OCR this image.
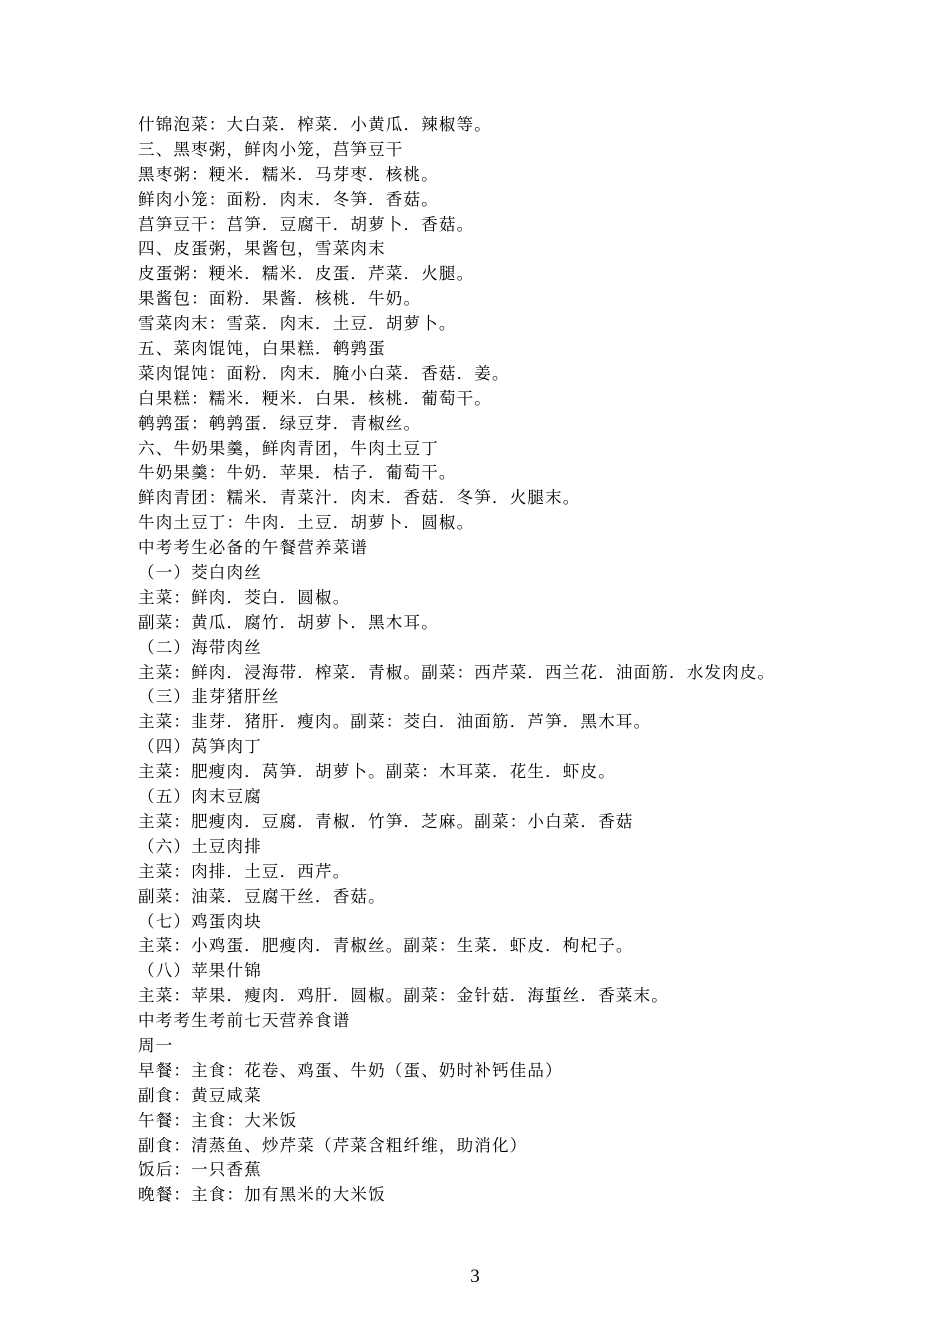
什锦泡菜：大白菜．榨菜．小黄瓜．辣椒等。
三、黑枣粥，鲜肉小笼，莒笋豆干
黑枣粥：粳米．糯米．马芽枣．核桃。
鲜肉小笼：面粉．肉末．冬笋．香菇。
莒笋豆干：莒笋．豆腐干．胡萝卜．香菇。
四、皮蛋粥，果酱包，雪菜肉末
皮蛋粥：粳米．糯米．皮蛋．芹菜．火腿。
果酱包：面粉．果酱．核桃．牛奶。
雪菜肉末：雪菜．肉末．土豆．胡萝卜。
五、菜肉馄饨，白果糕．鹌鹑蛋
菜肉馄饨：面粉．肉末．腌小白菜．香菇．姜。
白果糕：糯米．粳米．白果．核桃．葡萄干。
鹌鹑蛋：鹌鹑蛋．绿豆芽．青椒丝。
六、牛奶果羹，鲜肉青团，牛肉土豆丁
牛奶果羹：牛奶．苹果．桔子．葡萄干。
鲜肉青团：糯米．青菜汁．肉末．香菇．冬笋．火腿末。
牛肉土豆丁：牛肉．土豆．胡萝卜．圆椒。
中考考生必备的午餐营养菜谱
（一）茭白肉丝
主菜：鲜肉．茭白．圆椒。
副菜：黄瓜．腐竹．胡萝卜．黑木耳。
（二）海带肉丝
主菜：鲜肉．浸海带．榨菜．青椒。副菜：西芹菜．西兰花．油面筋．水发肉皮。
（三）韭芽猪肝丝
主菜：韭芽．猪肝．瘦肉。副菜：茭白．油面筋．芦笋．黑木耳。
（四）莴笋肉丁
主菜：肥瘦肉．莴笋．胡萝卜。副菜：木耳菜．花生．虾皮。
（五）肉末豆腐
主菜：肥瘦肉．豆腐．青椒．竹笋．芝麻。副菜：小白菜．香菇
（六）土豆肉排
主菜：肉排．土豆．西芹。
副菜：油菜．豆腐干丝．香菇。
（七）鸡蛋肉块
主菜：小鸡蛋．肥瘦肉．青椒丝。副菜：生菜．虾皮．枸杞子。
（八）苹果什锦
主菜：苹果．瘦肉．鸡肝．圆椒。副菜：金针菇．海蜇丝．香菜末。
中考考生考前七天营养食谱
周一
早餐：主食：花卷、鸡蛋、牛奶（蛋、奶时补钙佳品）
副食：黄豆咸菜
午餐：主食：大米饭
副食：清蒸鱼、炒芹菜（芹菜含粗纤维，助消化）
饭后：一只香蕉
晚餐：主食：加有黑米的大米饭
3
